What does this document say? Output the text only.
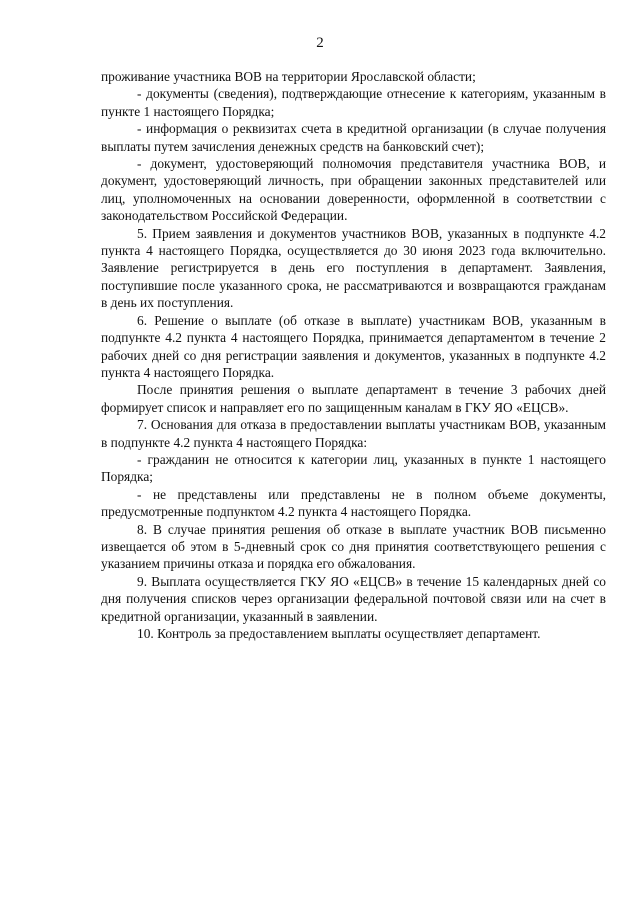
2

проживание участника ВОВ на территории Ярославской области;

- документы (сведения), подтверждающие отнесение к категориям, указанным в пункте 1 настоящего Порядка;

- информация о реквизитах счета в кредитной организации (в случае получения выплаты путем зачисления денежных средств на банковский счет);

- документ, удостоверяющий полномочия представителя участника ВОВ, и документ, удостоверяющий личность, при обращении законных представителей или лиц, уполномоченных на основании доверенности, оформленной в соответствии с законодательством Российской Федерации.

5. Прием заявления и документов участников ВОВ, указанных в подпункте 4.2 пункта 4 настоящего Порядка, осуществляется до 30 июня 2023 года включительно. Заявление регистрируется в день его поступления в департамент. Заявления, поступившие после указанного срока, не рассматриваются и возвращаются гражданам в день их поступления.

6. Решение о выплате (об отказе в выплате) участникам ВОВ, указанным в подпункте 4.2 пункта 4 настоящего Порядка, принимается департаментом в течение 2 рабочих дней со дня регистрации заявления и документов, указанных в подпункте 4.2 пункта 4 настоящего Порядка.

После принятия решения о выплате департамент в течение 3 рабочих дней формирует список и направляет его по защищенным каналам в ГКУ ЯО «ЕЦСВ».

7. Основания для отказа в предоставлении выплаты участникам ВОВ, указанным в подпункте 4.2 пункта 4 настоящего Порядка:

- гражданин не относится к категории лиц, указанных в пункте 1 настоящего Порядка;

- не представлены или представлены не в полном объеме документы, предусмотренные подпунктом 4.2 пункта 4 настоящего Порядка.

8. В случае принятия решения об отказе в выплате участник ВОВ письменно извещается об этом в 5-дневный срок со дня принятия соответствующего решения с указанием причины отказа и порядка его обжалования.

9. Выплата осуществляется ГКУ ЯО «ЕЦСВ» в течение 15 календарных дней со дня получения списков через организации федеральной почтовой связи или на счет в кредитной организации, указанный в заявлении.

10. Контроль за предоставлением выплаты осуществляет департамент.
